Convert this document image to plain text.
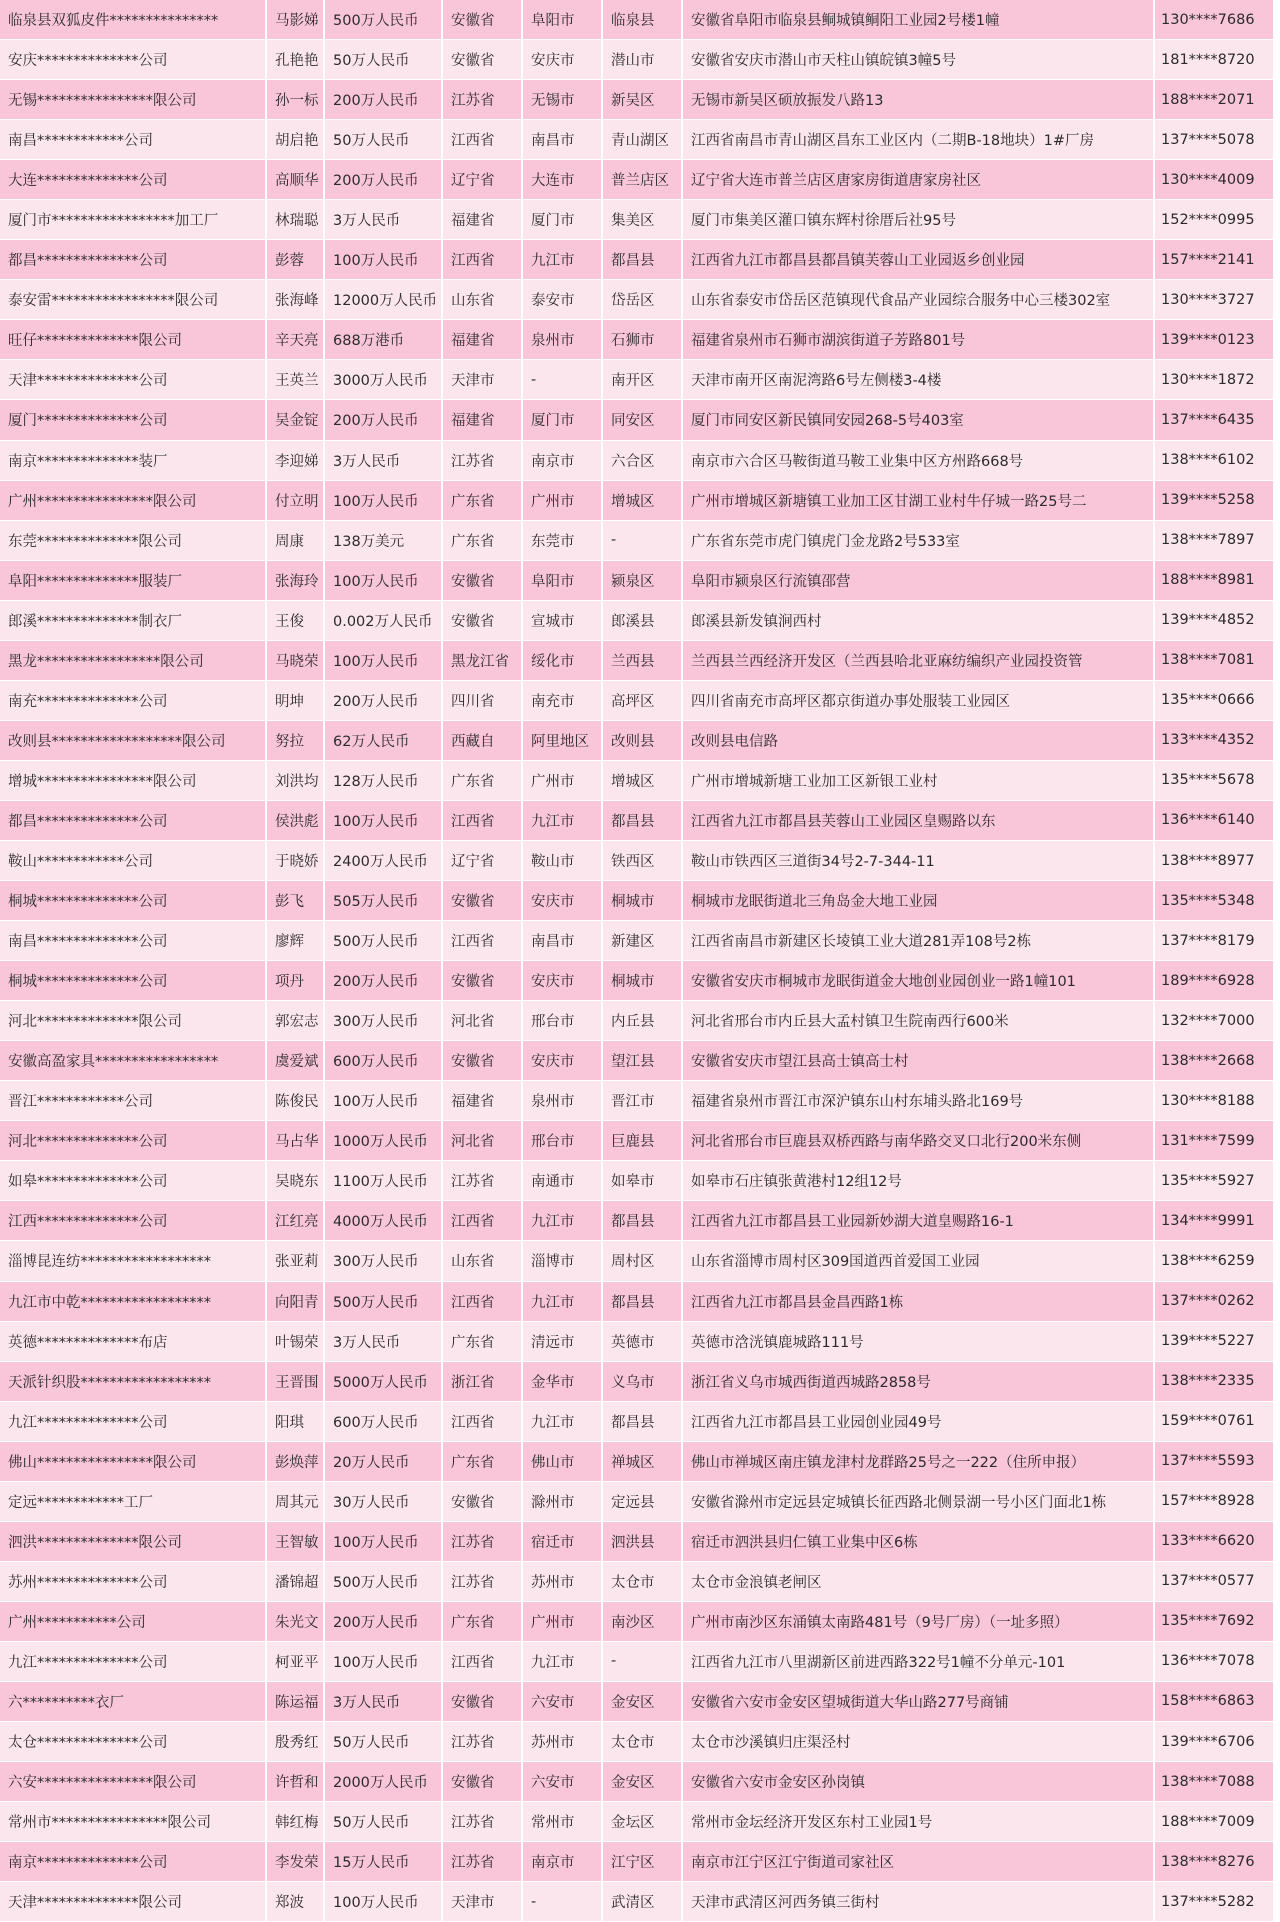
临泉县双狐皮件***************	马影娣	500万人民币	安徽省	阜阳市	临泉县	安徽省阜阳市临泉县鲖城镇鲖阳工业园2号楼1幢	130****7686
安庆**************公司	孔艳艳	50万人民币	安徽省	安庆市	潜山市	安徽省安庆市潜山市天柱山镇皖镇3幢5号	181****8720
无锡****************限公司	孙一标	200万人民币	江苏省	无锡市	新吴区	无锡市新吴区硕放振发八路13	188****2071
南昌************公司	胡启艳	50万人民币	江西省	南昌市	青山湖区	江西省南昌市青山湖区昌东工业区内（二期B-18地块）1#厂房	137****5078
大连**************公司	高顺华	200万人民币	辽宁省	大连市	普兰店区	辽宁省大连市普兰店区唐家房街道唐家房社区	130****4009
厦门市*****************加工厂	林瑞聪	3万人民币	福建省	厦门市	集美区	厦门市集美区灌口镇东辉村徐厝后社95号	152****0995
都昌**************公司	彭蓉	100万人民币	江西省	九江市	都昌县	江西省九江市都昌县都昌镇芙蓉山工业园返乡创业园	157****2141
泰安雷*****************限公司	张海峰	12000万人民币	山东省	泰安市	岱岳区	山东省泰安市岱岳区范镇现代食品产业园综合服务中心三楼302室	130****3727
旺仔**************限公司	辛天亮	688万港币	福建省	泉州市	石狮市	福建省泉州市石狮市湖滨街道子芳路801号	139****0123
天津**************公司	王英兰	3000万人民币	天津市	-	南开区	天津市南开区南泥湾路6号左侧楼3-4楼	130****1872
厦门**************公司	吴金锭	200万人民币	福建省	厦门市	同安区	厦门市同安区新民镇同安园268-5号403室	137****6435
南京**************装厂	李迎娣	3万人民币	江苏省	南京市	六合区	南京市六合区马鞍街道马鞍工业集中区方州路668号	138****6102
广州****************限公司	付立明	100万人民币	广东省	广州市	增城区	广州市增城区新塘镇工业加工区甘湖工业村牛仔城一路25号二	139****5258
东莞**************限公司	周康	138万美元	广东省	东莞市	-	广东省东莞市虎门镇虎门金龙路2号533室	138****7897
阜阳**************服装厂	张海玲	100万人民币	安徽省	阜阳市	颍泉区	阜阳市颍泉区行流镇邵营	188****8981
郎溪**************制衣厂	王俊	0.002万人民币	安徽省	宣城市	郎溪县	郎溪县新发镇涧西村	139****4852
黑龙*****************限公司	马晓荣	100万人民币	黑龙江省	绥化市	兰西县	兰西县兰西经济开发区（兰西县哈北亚麻纺编织产业园投资管	138****7081
南充**************公司	明坤	200万人民币	四川省	南充市	高坪区	四川省南充市高坪区都京街道办事处服装工业园区	135****0666
改则县******************限公司	努拉	62万人民币	西藏自	阿里地区	改则县	改则县电信路	133****4352
增城****************限公司	刘洪均	128万人民币	广东省	广州市	增城区	广州市增城新塘工业加工区新银工业村	135****5678
都昌**************公司	侯洪彪	100万人民币	江西省	九江市	都昌县	江西省九江市都昌县芙蓉山工业园区皇赐路以东	136****6140
鞍山************公司	于晓娇	2400万人民币	辽宁省	鞍山市	铁西区	鞍山市铁西区三道街34号2-7-344-11	138****8977
桐城**************公司	彭飞	505万人民币	安徽省	安庆市	桐城市	桐城市龙眠街道北三角岛金大地工业园	135****5348
南昌**************公司	廖辉	500万人民币	江西省	南昌市	新建区	江西省南昌市新建区长堎镇工业大道281弄108号2栋	137****8179
桐城**************公司	项丹	200万人民币	安徽省	安庆市	桐城市	安徽省安庆市桐城市龙眠街道金大地创业园创业一路1幢101	189****6928
河北**************限公司	郭宏志	300万人民币	河北省	邢台市	内丘县	河北省邢台市内丘县大孟村镇卫生院南西行600米	132****7000
安徽高盈家具*****************	虞爱斌	600万人民币	安徽省	安庆市	望江县	安徽省安庆市望江县高士镇高士村	138****2668
晋江************公司	陈俊民	100万人民币	福建省	泉州市	晋江市	福建省泉州市晋江市深沪镇东山村东埔头路北169号	130****8188
河北**************公司	马占华	1000万人民币	河北省	邢台市	巨鹿县	河北省邢台市巨鹿县双桥西路与南华路交叉口北行200米东侧	131****7599
如皋**************公司	吴晓东	1100万人民币	江苏省	南通市	如皋市	如皋市石庄镇张黄港村12组12号	135****5927
江西**************公司	江红亮	4000万人民币	江西省	九江市	都昌县	江西省九江市都昌县工业园新妙湖大道皇赐路16-1	134****9991
淄博昆连纺******************	张亚莉	300万人民币	山东省	淄博市	周村区	山东省淄博市周村区309国道西首爱国工业园	138****6259
九江市中乾******************	向阳青	500万人民币	江西省	九江市	都昌县	江西省九江市都昌县金昌西路1栋	137****0262
英德**************布店	叶锡荣	3万人民币	广东省	清远市	英德市	英德市浛洸镇鹿城路111号	139****5227
天派针织股******************	王晋围	5000万人民币	浙江省	金华市	义乌市	浙江省义乌市城西街道西城路2858号	138****2335
九江**************公司	阳琪	600万人民币	江西省	九江市	都昌县	江西省九江市都昌县工业园创业园49号	159****0761
佛山****************限公司	彭焕萍	20万人民币	广东省	佛山市	禅城区	佛山市禅城区南庄镇龙津村龙群路25号之一222（住所申报）	137****5593
定远************工厂	周其元	30万人民币	安徽省	滁州市	定远县	安徽省滁州市定远县定城镇长征西路北侧景湖一号小区门面北1栋	157****8928
泗洪**************限公司	王智敏	100万人民币	江苏省	宿迁市	泗洪县	宿迁市泗洪县归仁镇工业集中区6栋	133****6620
苏州**************公司	潘锦超	500万人民币	江苏省	苏州市	太仓市	太仓市金浪镇老闸区	137****0577
广州***********公司	朱光文	200万人民币	广东省	广州市	南沙区	广州市南沙区东涌镇太南路481号（9号厂房）（一址多照）	135****7692
九江**************公司	柯亚平	100万人民币	江西省	九江市	-	江西省九江市八里湖新区前进西路322号1幢不分单元-101	136****7078
六**********衣厂	陈运福	3万人民币	安徽省	六安市	金安区	安徽省六安市金安区望城街道大华山路277号商铺	158****6863
太仓**************公司	殷秀红	50万人民币	江苏省	苏州市	太仓市	太仓市沙溪镇归庄渠泾村	139****6706
六安****************限公司	许哲和	2000万人民币	安徽省	六安市	金安区	安徽省六安市金安区孙岗镇	138****7088
常州市****************限公司	韩红梅	50万人民币	江苏省	常州市	金坛区	常州市金坛经济开发区东村工业园1号	188****7009
南京**************公司	李发荣	15万人民币	江苏省	南京市	江宁区	南京市江宁区江宁街道司家社区	138****8276
天津**************限公司	郑波	100万人民币	天津市	-	武清区	天津市武清区河西务镇三街村	137****5282
